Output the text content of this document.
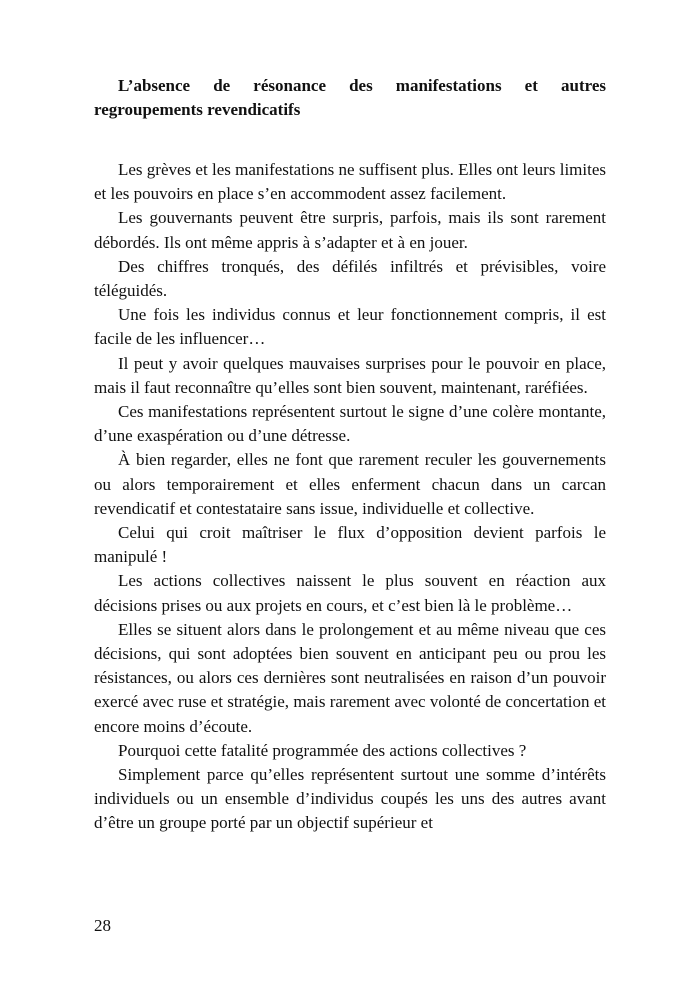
L’absence de résonance des manifestations et autres regroupements revendicatifs

Les grèves et les manifestations ne suffisent plus. Elles ont leurs limites et les pouvoirs en place s’en accommodent assez facilement.

Les gouvernants peuvent être surpris, parfois, mais ils sont rarement débordés. Ils ont même appris à s’adapter et à en jouer.

Des chiffres tronqués, des défilés infiltrés et prévisibles, voire téléguidés.

Une fois les individus connus et leur fonctionnement compris, il est facile de les influencer…

Il peut y avoir quelques mauvaises surprises pour le pouvoir en place, mais il faut reconnaître qu’elles sont bien souvent, maintenant, raréfiées.

Ces manifestations représentent surtout le signe d’une colère montante, d’une exaspération ou d’une détresse.

À bien regarder, elles ne font que rarement reculer les gouvernements ou alors temporairement et elles enferment chacun dans un carcan revendicatif et contestataire sans issue, individuelle et collective.

Celui qui croit maîtriser le flux d’opposition devient parfois le manipulé !

Les actions collectives naissent le plus souvent en réaction aux décisions prises ou aux projets en cours, et c’est bien là le problème…

Elles se situent alors dans le prolongement et au même niveau que ces décisions, qui sont adoptées bien souvent en anticipant peu ou prou les résistances, ou alors ces dernières sont neutralisées en raison d’un pouvoir exercé avec ruse et stratégie, mais rarement avec volonté de concertation et encore moins d’écoute.

Pourquoi cette fatalité programmée des actions collectives ?

Simplement parce qu’elles représentent surtout une somme d’intérêts individuels ou un ensemble d’individus coupés les uns des autres avant d’être un groupe porté par un objectif supérieur et

28
